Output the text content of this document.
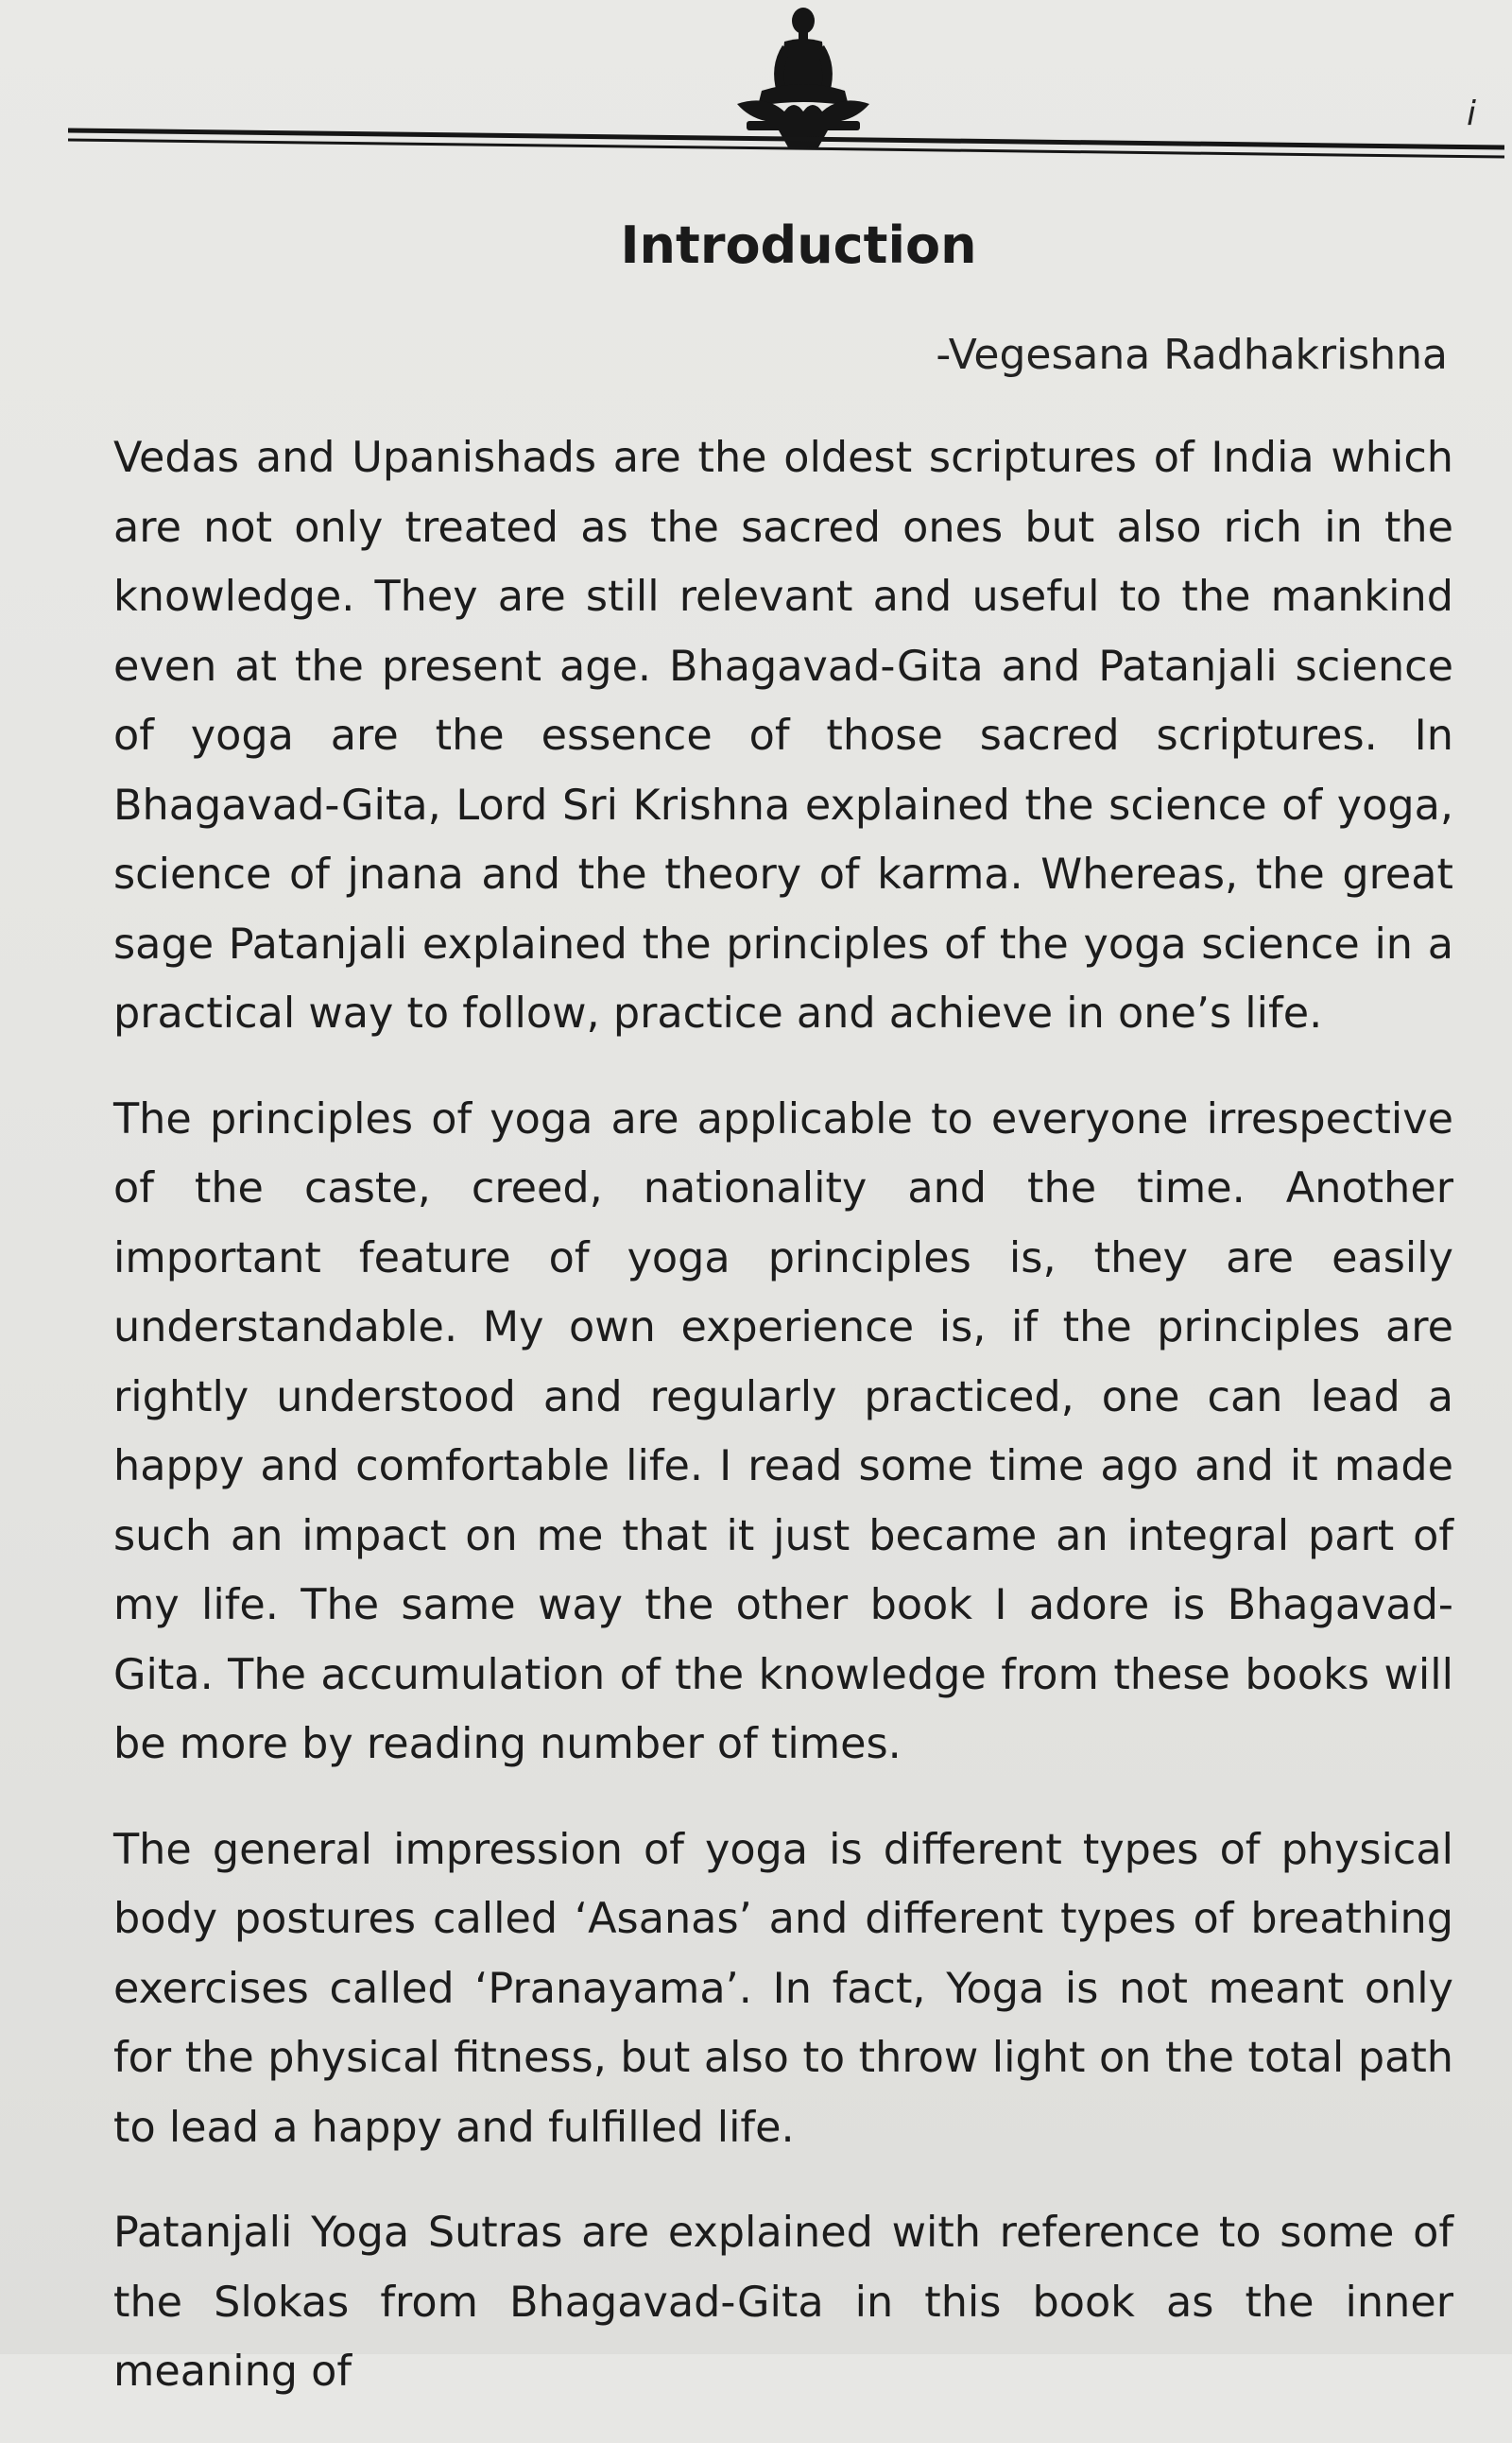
i
Introduction
-Vegesana Radhakrishna

Vedas and Upanishads are the oldest scriptures of India which are not only treated as the sacred ones but also rich in the knowledge. They are still relevant and useful to the mankind even at the present age. Bhagavad-Gita and Patanjali science of yoga are the essence of those sacred scriptures. In Bhagavad-Gita, Lord Sri Krishna explained the science of yoga, science of jnana and the theory of karma. Whereas, the great sage Patanjali explained the principles of the yoga science in a practical way to follow, practice and achieve in one’s life.

The principles of yoga are applicable to everyone irrespective of the caste, creed, nationality and the time. Another important feature of yoga principles is, they are easily understandable. My own experience is, if the principles are rightly understood and regularly practiced, one can lead a happy and comfortable life. I read some time ago and it made such an impact on me that it just became an integral part of my life. The same way the other book I adore is Bhagavad-Gita. The accumulation of the knowledge from these books will be more by reading number of times.

The general impression of yoga is different types of physical body postures called ‘Asanas’ and different types of breathing exercises called ‘Pranayama’. In fact, Yoga is not meant only for the physical fitness, but also to throw light on the total path to lead a happy and fulfilled life.

Patanjali Yoga Sutras are explained with reference to some of the Slokas from Bhagavad-Gita in this book as the inner meaning of
